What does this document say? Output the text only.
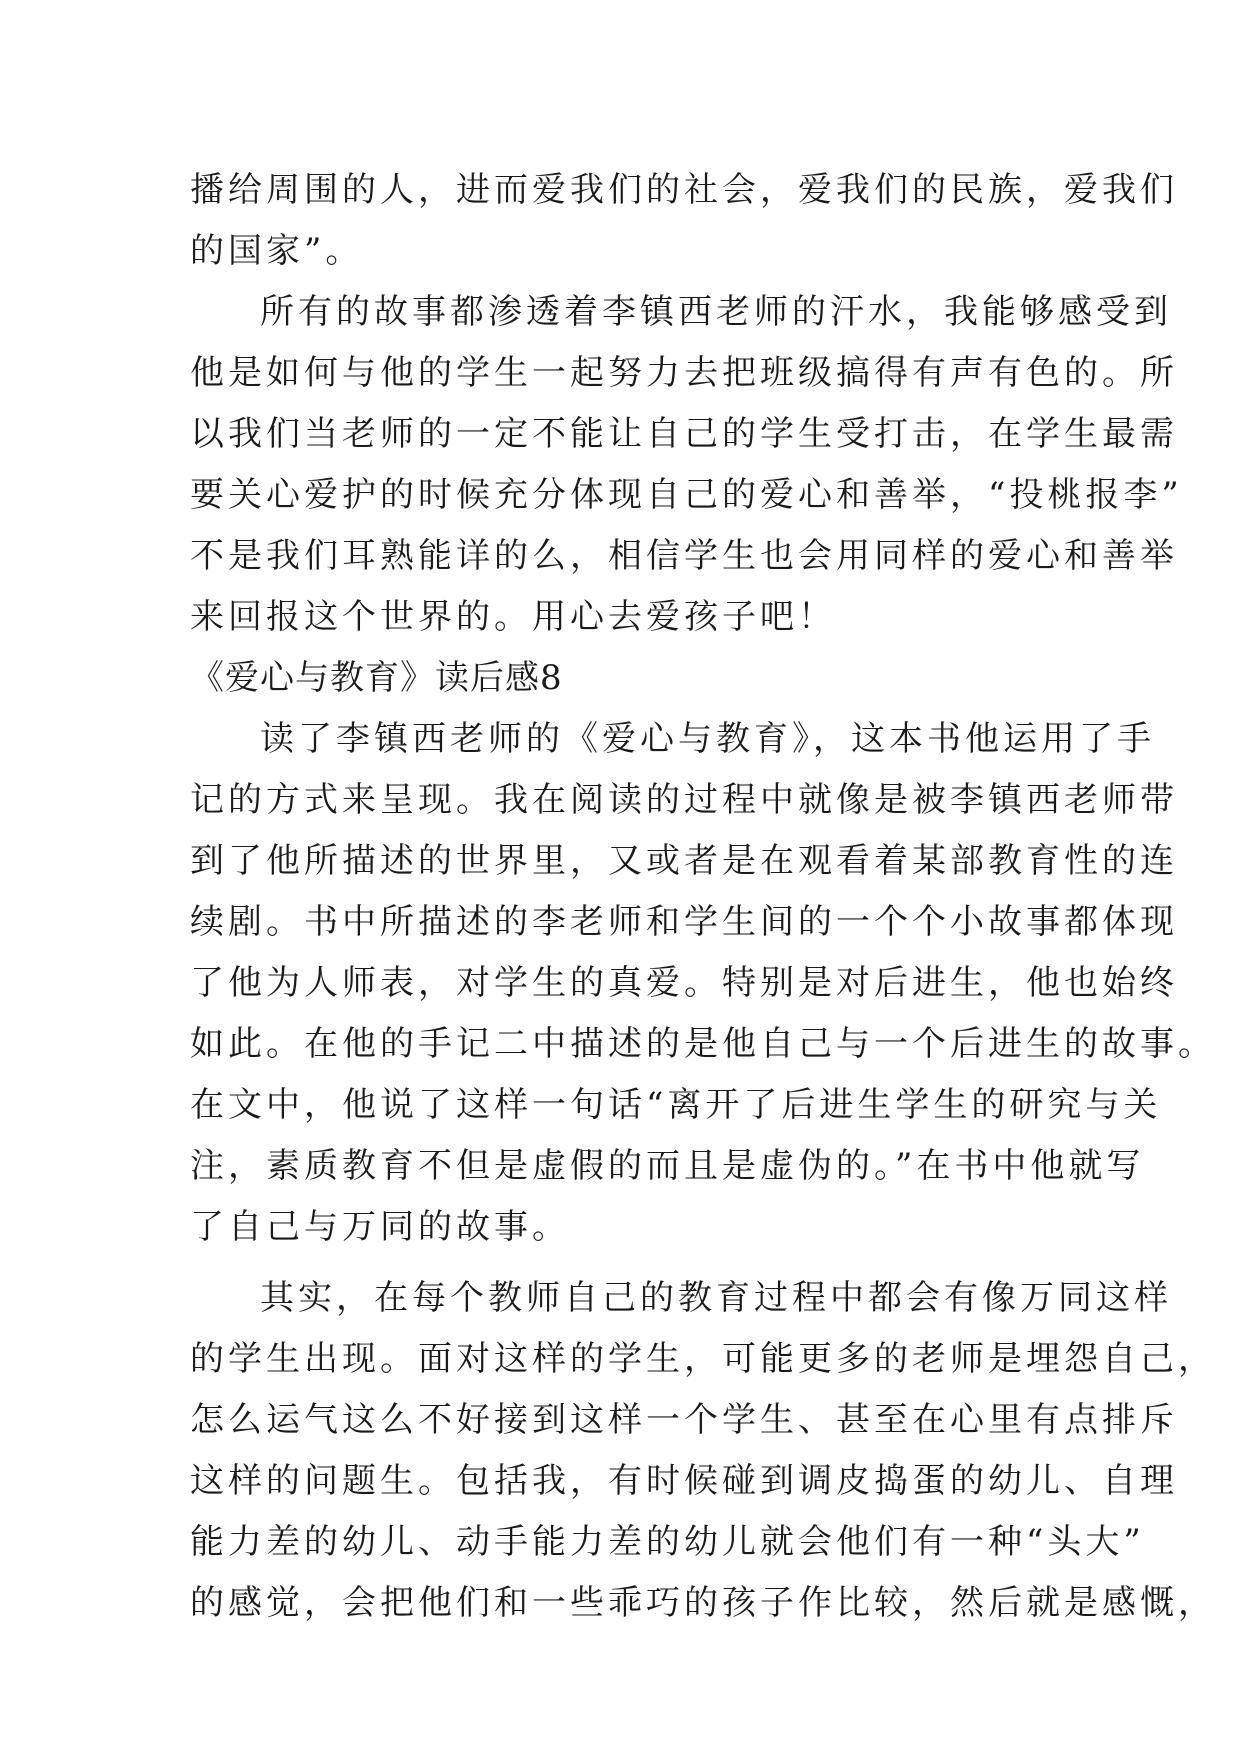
播给周围的人，进而爱我们的社会，爱我们的民族，爱我们
的国家”。
所有的故事都渗透着李镇西老师的汗水，我能够感受到
他是如何与他的学生一起努力去把班级搞得有声有色的。所
以我们当老师的一定不能让自己的学生受打击，在学生最需
要关心爱护的时候充分体现自己的爱心和善举，“投桃报李”
不是我们耳熟能详的么，相信学生也会用同样的爱心和善举
来回报这个世界的。用心去爱孩子吧！
《爱心与教育》读后感8
读了李镇西老师的《爱心与教育》，这本书他运用了手
记的方式来呈现。我在阅读的过程中就像是被李镇西老师带
到了他所描述的世界里，又或者是在观看着某部教育性的连
续剧。书中所描述的李老师和学生间的一个个小故事都体现
了他为人师表，对学生的真爱。特别是对后进生，他也始终
如此。在他的手记二中描述的是他自己与一个后进生的故事。
在文中，他说了这样一句话“离开了后进生学生的研究与关
注，素质教育不但是虚假的而且是虚伪的。”在书中他就写
了自己与万同的故事。
其实，在每个教师自己的教育过程中都会有像万同这样
的学生出现。面对这样的学生，可能更多的老师是埋怨自己，
怎么运气这么不好接到这样一个学生、甚至在心里有点排斥
这样的问题生。包括我，有时候碰到调皮捣蛋的幼儿、自理
能力差的幼儿、动手能力差的幼儿就会他们有一种“头大”
的感觉，会把他们和一些乖巧的孩子作比较，然后就是感慨，
